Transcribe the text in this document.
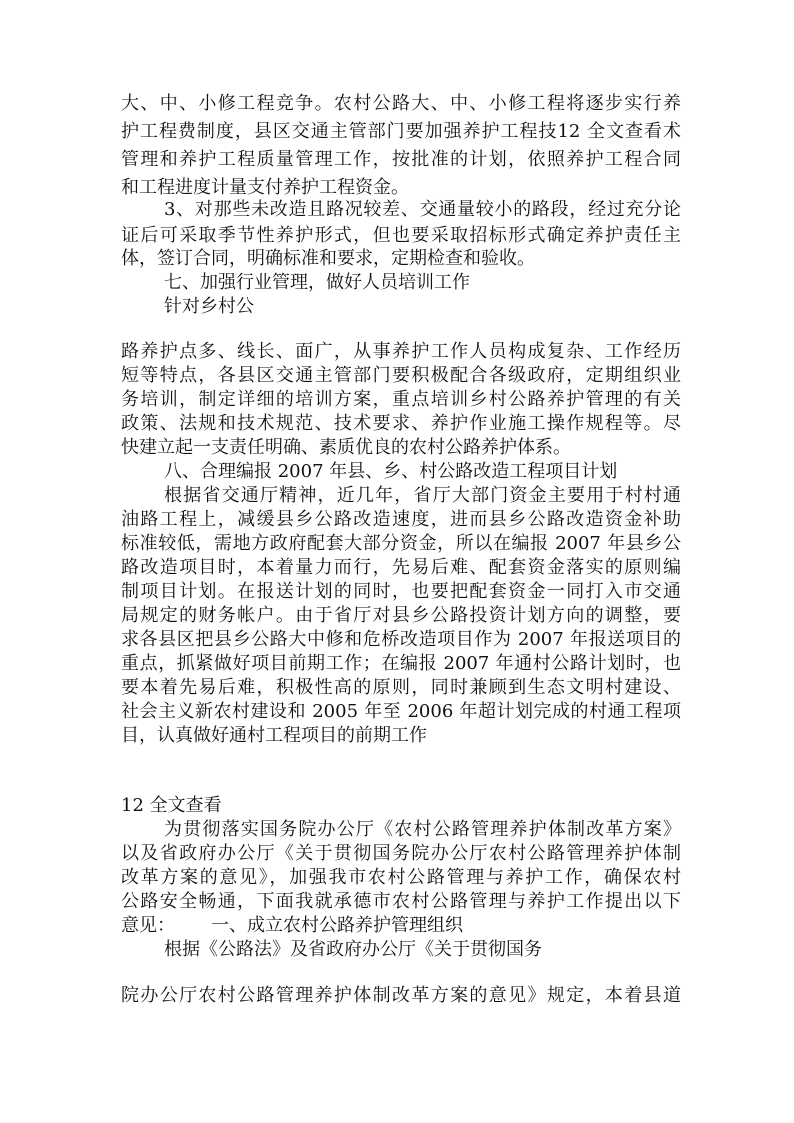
大、中、小修工程竞争。农村公路大、中、小修工程将逐步实行养
护工程费制度，县区交通主管部门要加强养护工程技12 全文查看术
管理和养护工程质量管理工作，按批准的计划，依照养护工程合同
和工程进度计量支付养护工程资金。
3、对那些未改造且路况较差、交通量较小的路段，经过充分论
证后可采取季节性养护形式，但也要采取招标形式确定养护责任主
体，签订合同，明确标准和要求，定期检查和验收。
七、加强行业管理，做好人员培训工作
针对乡村公
路养护点多、线长、面广，从事养护工作人员构成复杂、工作经历
短等特点，各县区交通主管部门要积极配合各级政府，定期组织业
务培训，制定详细的培训方案，重点培训乡村公路养护管理的有关
政策、法规和技术规范、技术要求、养护作业施工操作规程等。尽
快建立起一支责任明确、素质优良的农村公路养护体系。
八、合理编报 2007 年县、乡、村公路改造工程项目计划
根据省交通厅精神，近几年，省厅大部门资金主要用于村村通
油路工程上，减缓县乡公路改造速度，进而县乡公路改造资金补助
标准较低，需地方政府配套大部分资金，所以在编报 2007 年县乡公
路改造项目时，本着量力而行，先易后难、配套资金落实的原则编
制项目计划。在报送计划的同时，也要把配套资金一同打入市交通
局规定的财务帐户。由于省厅对县乡公路投资计划方向的调整，要
求各县区把县乡公路大中修和危桥改造项目作为 2007 年报送项目的
重点，抓紧做好项目前期工作；在编报 2007 年通村公路计划时，也
要本着先易后难，积极性高的原则，同时兼顾到生态文明村建设、
社会主义新农村建设和 2005 年至 2006 年超计划完成的村通工程项
目，认真做好通村工程项目的前期工作
12 全文查看
为贯彻落实国务院办公厅《农村公路管理养护体制改革方案》
以及省政府办公厅《关于贯彻国务院办公厅农村公路管理养护体制
改革方案的意见》，加强我市农村公路管理与养护工作，确保农村
公路安全畅通，下面我就承德市农村公路管理与养护工作提出以下
意见： 一、成立农村公路养护管理组织
根据《公路法》及省政府办公厅《关于贯彻国务
院办公厅农村公路管理养护体制改革方案的意见》规定，本着县道
